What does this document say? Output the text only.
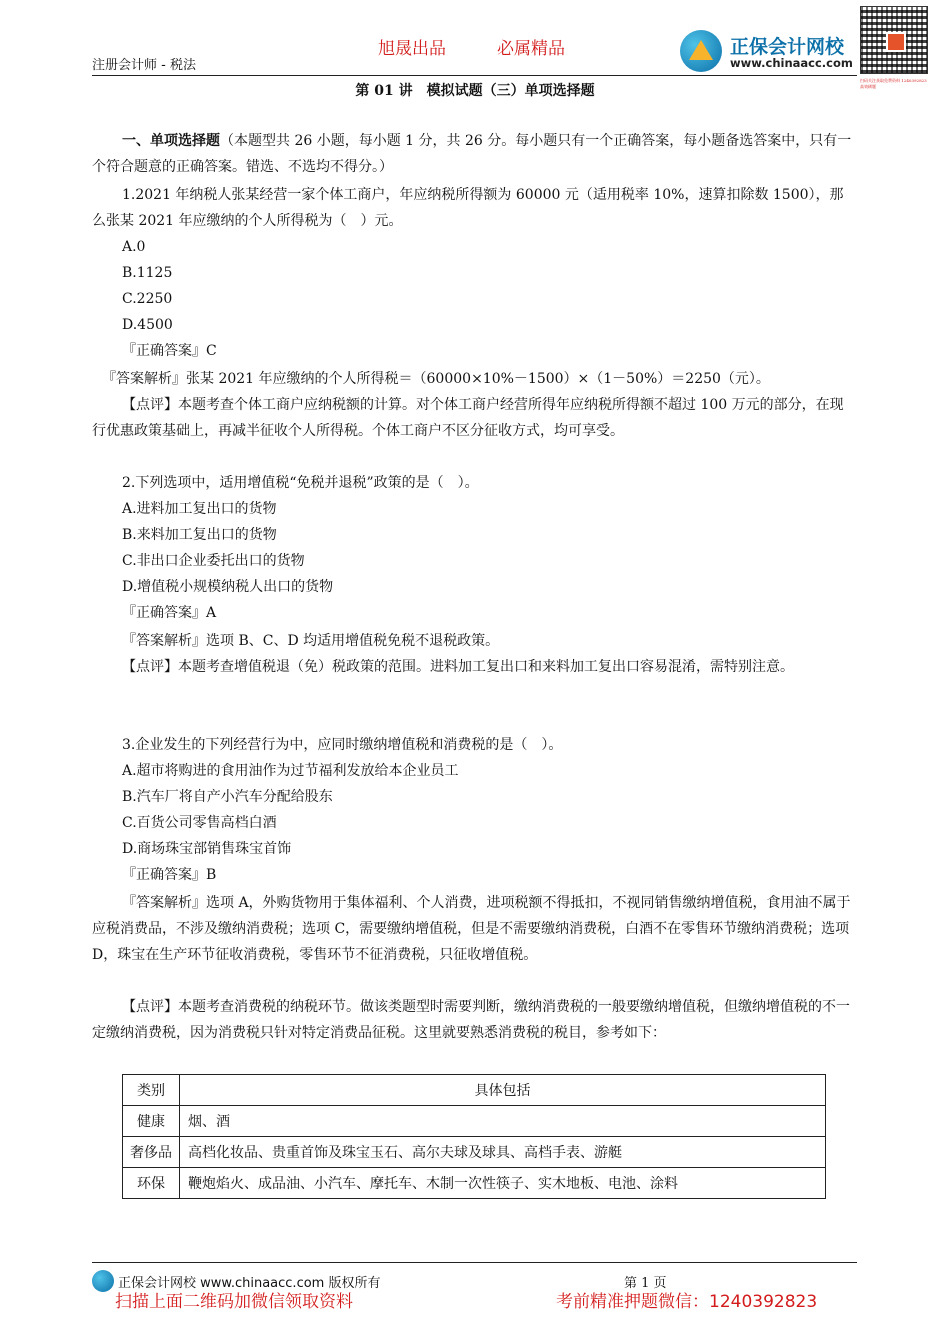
注册会计师 - 税法
旭晟出品	必属精品	正保会计网校
www.chinaacc.com
扫码关注获取免费资料 1240392823 高效刷题
第 01 讲　模拟试题（三）单项选择题
一、单项选择题（本题型共 26 小题，每小题 1 分，共 26 分。每小题只有一个正确答案，每小题备选答案中，只有一个符合题意的正确答案。错选、不选均不得分。）
1.2021 年纳税人张某经营一家个体工商户，年应纳税所得额为 60000 元（适用税率 10%，速算扣除数 1500），那么张某 2021 年应缴纳的个人所得税为（　）元。
A.0
B.1125
C.2250
D.4500
『正确答案』C
『答案解析』张某 2021 年应缴纳的个人所得税＝（60000×10%－1500）×（1－50%）＝2250（元）。
【点评】本题考查个体工商户应纳税额的计算。对个体工商户经营所得年应纳税所得额不超过 100 万元的部分，在现行优惠政策基础上，再减半征收个人所得税。个体工商户不区分征收方式，均可享受。
2.下列选项中，适用增值税“免税并退税”政策的是（　）。
A.进料加工复出口的货物
B.来料加工复出口的货物
C.非出口企业委托出口的货物
D.增值税小规模纳税人出口的货物
『正确答案』A
『答案解析』选项 B、C、D 均适用增值税免税不退税政策。
【点评】本题考查增值税退（免）税政策的范围。进料加工复出口和来料加工复出口容易混淆，需特别注意。
3.企业发生的下列经营行为中，应同时缴纳增值税和消费税的是（　）。
A.超市将购进的食用油作为过节福利发放给本企业员工
B.汽车厂将自产小汽车分配给股东
C.百货公司零售高档白酒
D.商场珠宝部销售珠宝首饰
『正确答案』B
『答案解析』选项 A，外购货物用于集体福利、个人消费，进项税额不得抵扣，不视同销售缴纳增值税，食用油不属于应税消费品，不涉及缴纳消费税；选项 C，需要缴纳增值税，但是不需要缴纳消费税，白酒不在零售环节缴纳消费税；选项 D，珠宝在生产环节征收消费税，零售环节不征消费税，只征收增值税。
【点评】本题考查消费税的纳税环节。做该类题型时需要判断，缴纳消费税的一般要缴纳增值税，但缴纳增值税的不一定缴纳消费税，因为消费税只针对特定消费品征税。这里就要熟悉消费税的税目，参考如下：
类别	具体包括
健康	烟、酒
奢侈品	高档化妆品、贵重首饰及珠宝玉石、高尔夫球及球具、高档手表、游艇
环保	鞭炮焰火、成品油、小汽车、摩托车、木制一次性筷子、实木地板、电池、涂料
正保会计网校 www.chinaacc.com 版权所有	第 1 页
扫描上面二维码加微信领取资料	考前精准押题微信：1240392823
